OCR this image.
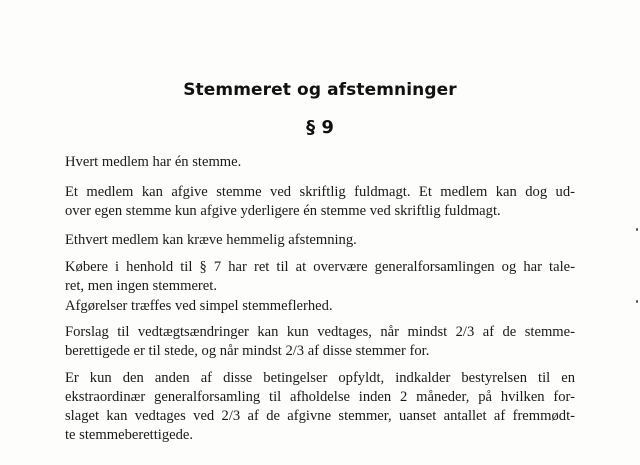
Stemmeret og afstemninger
§ 9

Hvert medlem har én stemme.

Et medlem kan afgive stemme ved skriftlig fuldmagt. Et medlem kan dog ud-

over egen stemme kun afgive yderligere én stemme ved skriftlig fuldmagt.

Ethvert medlem kan kræve hemmelig afstemning.

Købere i henhold til § 7 har ret til at overvære generalforsamlingen og har tale-

ret, men ingen stemmeret.

Afgørelser træffes ved simpel stemmeflerhed.

Forslag til vedtægtsændringer kan kun vedtages, når mindst 2/3 af de stemme-

berettigede er til stede, og når mindst 2/3 af disse stemmer for.

Er kun den anden af disse betingelser opfyldt, indkalder bestyrelsen til en

ekstraordinær generalforsamling til afholdelse inden 2 måneder, på hvilken for-

slaget kan vedtages ved 2/3 af de afgivne stemmer, uanset antallet af fremmødt-

te stemmeberettigede.
